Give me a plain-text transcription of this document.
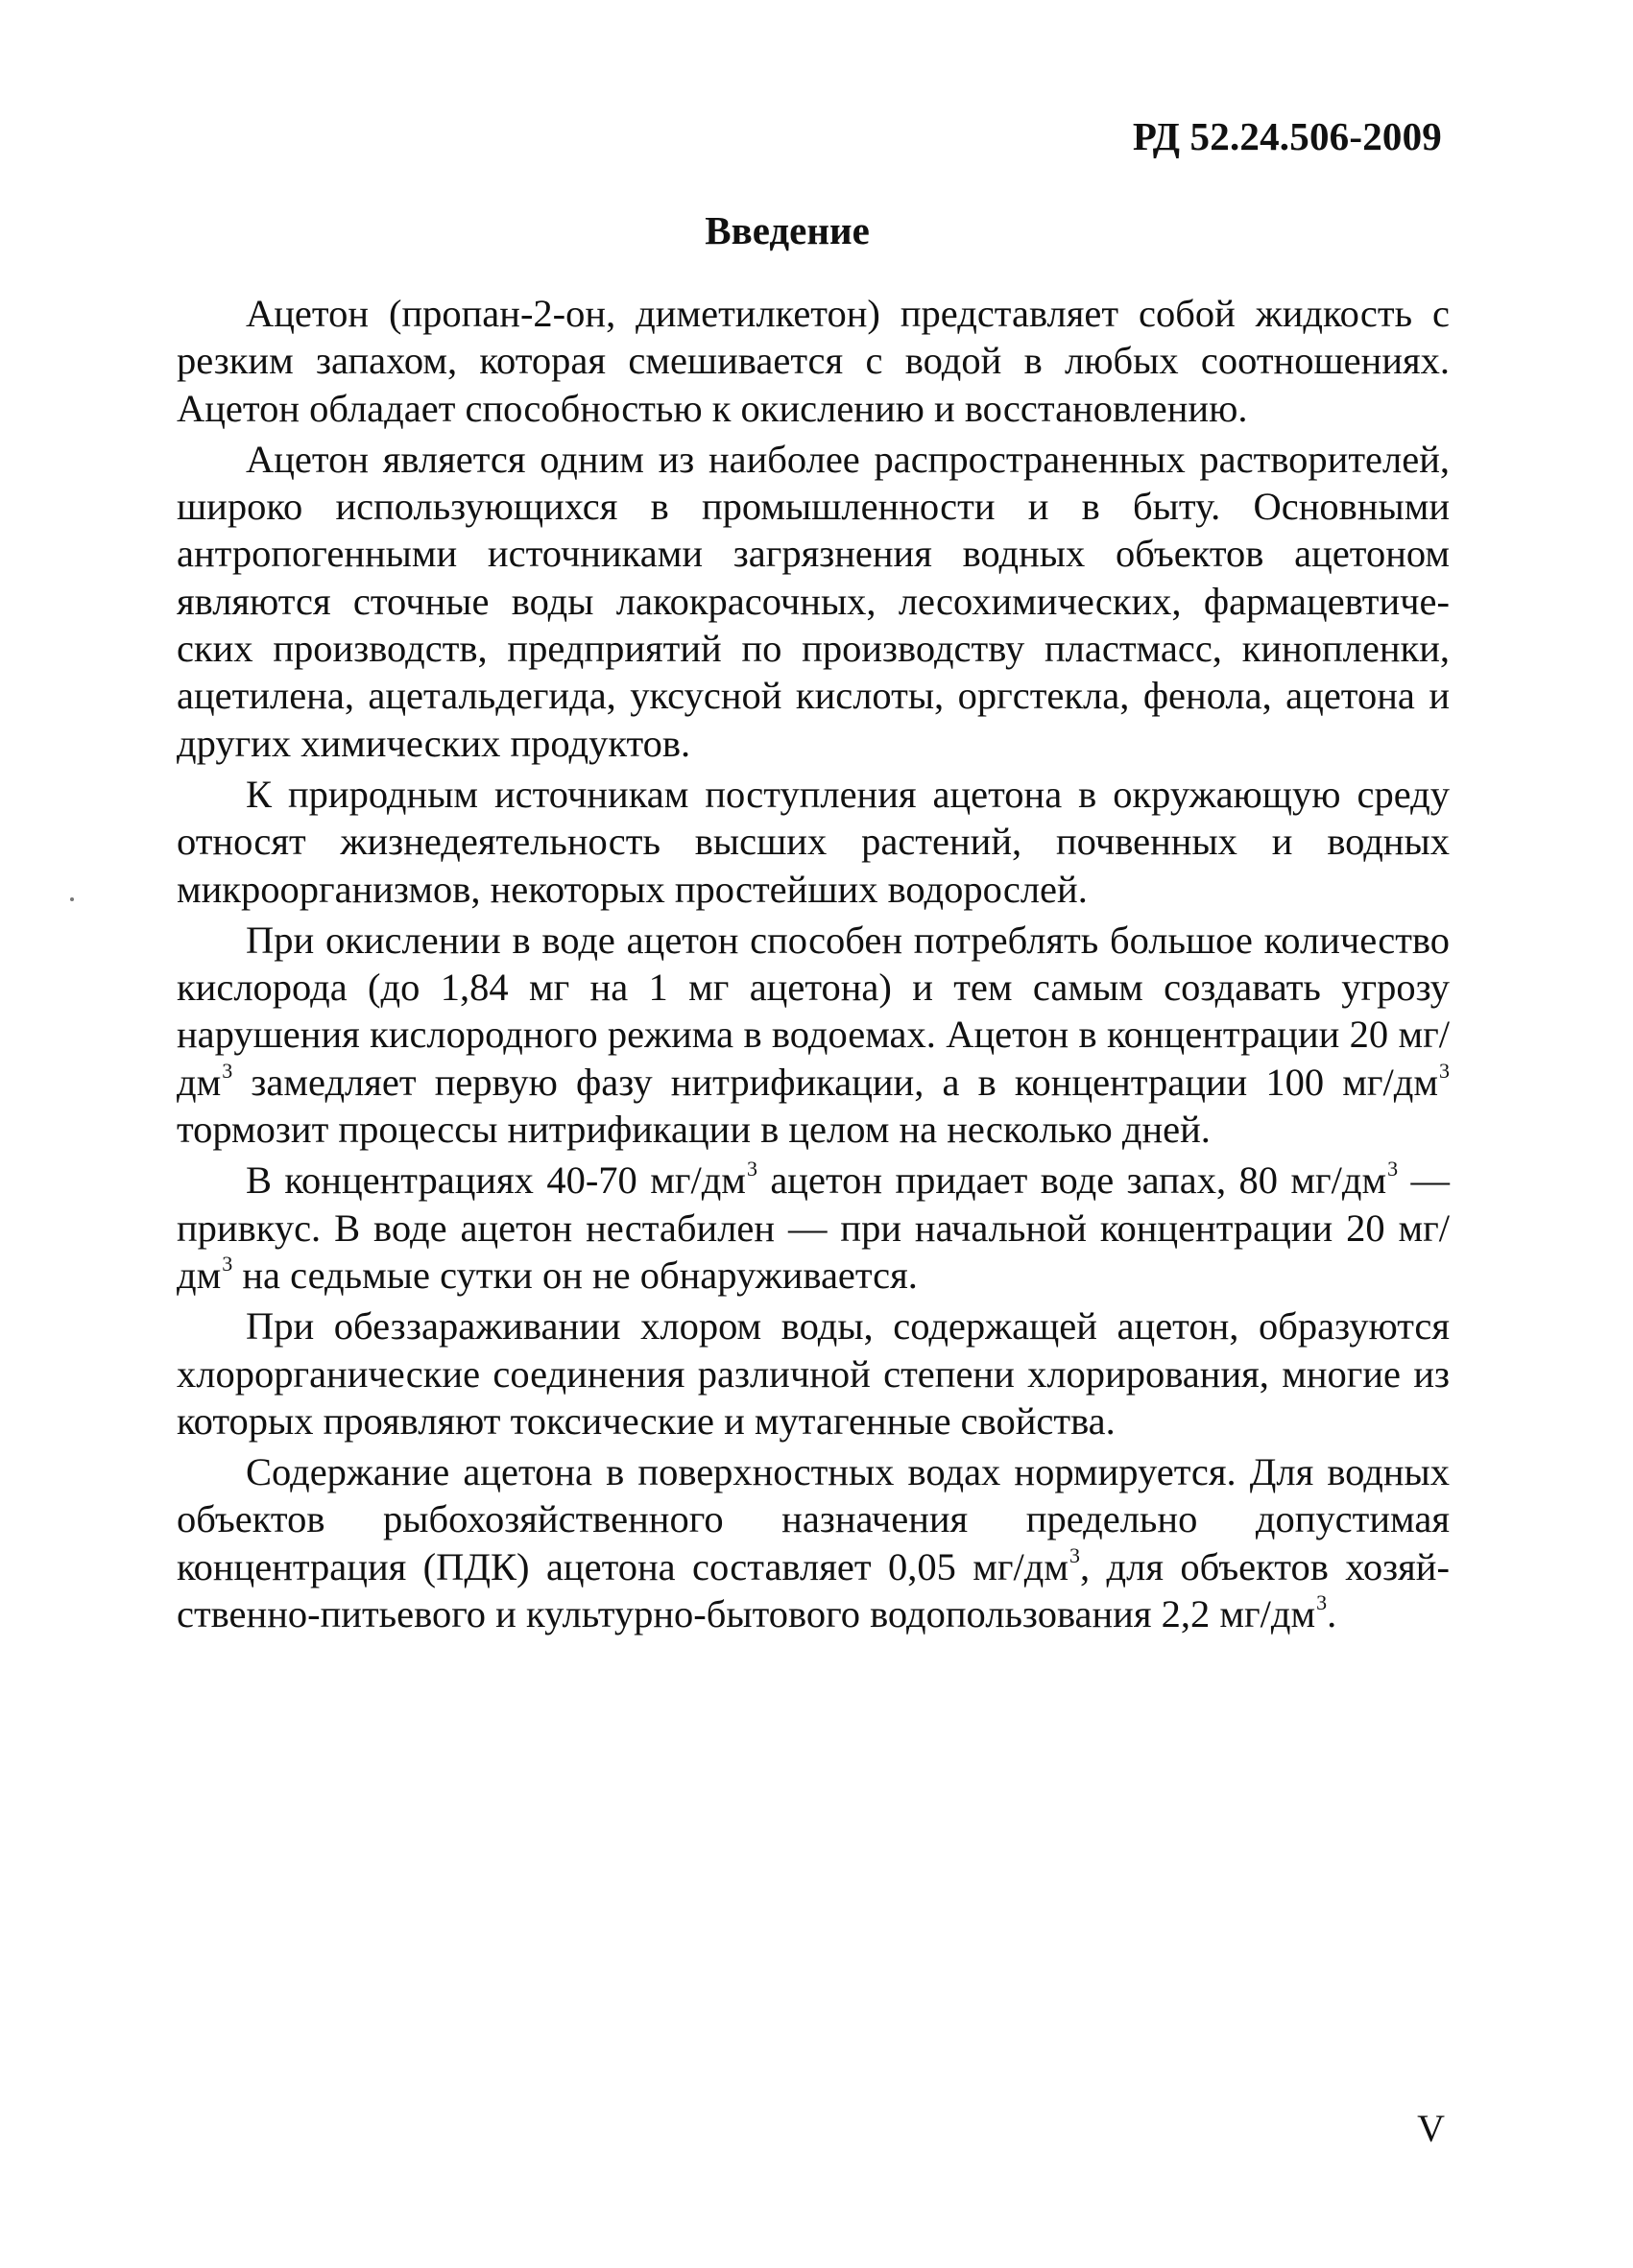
РД 52.24.506-2009
Введение

Ацетон (пропан-2-он, диметилкетон) представляет собой жидкость с резким запахом, которая смешивается с водой в любых соотношениях. Ацетон обладает способностью к окислению и восстановлению.

Ацетон является одним из наиболее распространенных растворителей, широко использующихся в промышленности и в быту. Основными антропогенными источниками загрязнения водных объектов ацетоном являются сточные воды лакокрасочных, лесохимических, фармацевтических производств, предприятий по производству пластмасс, кинопленки, ацетилена, ацетальдегида, уксусной кислоты, оргстекла, фенола, ацетона и других химических продуктов.

К природным источникам поступления ацетона в окружающую среду относят жизнедеятельность высших растений, почвенных и водных микроорганизмов, некоторых простейших водорослей.

При окислении в воде ацетон способен потреблять большое количество кислорода (до 1,84 мг на 1 мг ацетона) и тем самым создавать угрозу нарушения кислородного режима в водоемах. Ацетон в концентрации 20 $мг/дм^3$ замедляет первую фазу нитрификации, а в концентрации 100 $мг/дм^3$ тормозит процессы нитрификации в целом на несколько дней.

В концентрациях 40-70 $мг/дм^3$ ацетон придает воде запах, 80 $мг/дм^3$ — привкус. В воде ацетон нестабилен — при начальной концентрации 20 $мг/дм^3$ на седьмые сутки он не обнаруживается.

При обеззараживании хлором воды, содержащей ацетон, образуются хлорорганические соединения различной степени хлорирования, многие из которых проявляют токсические и мутагенные свойства.

Содержание ацетона в поверхностных водах нормируется. Для водных объектов рыбохозяйственного назначения предельно допустимая концентрация (ПДК) ацетона составляет 0,05 $мг/дм^3$, для объектов хозяйственно-питьевого и культурно-бытового водопользования 2,2 $мг/дм^3$.

V
